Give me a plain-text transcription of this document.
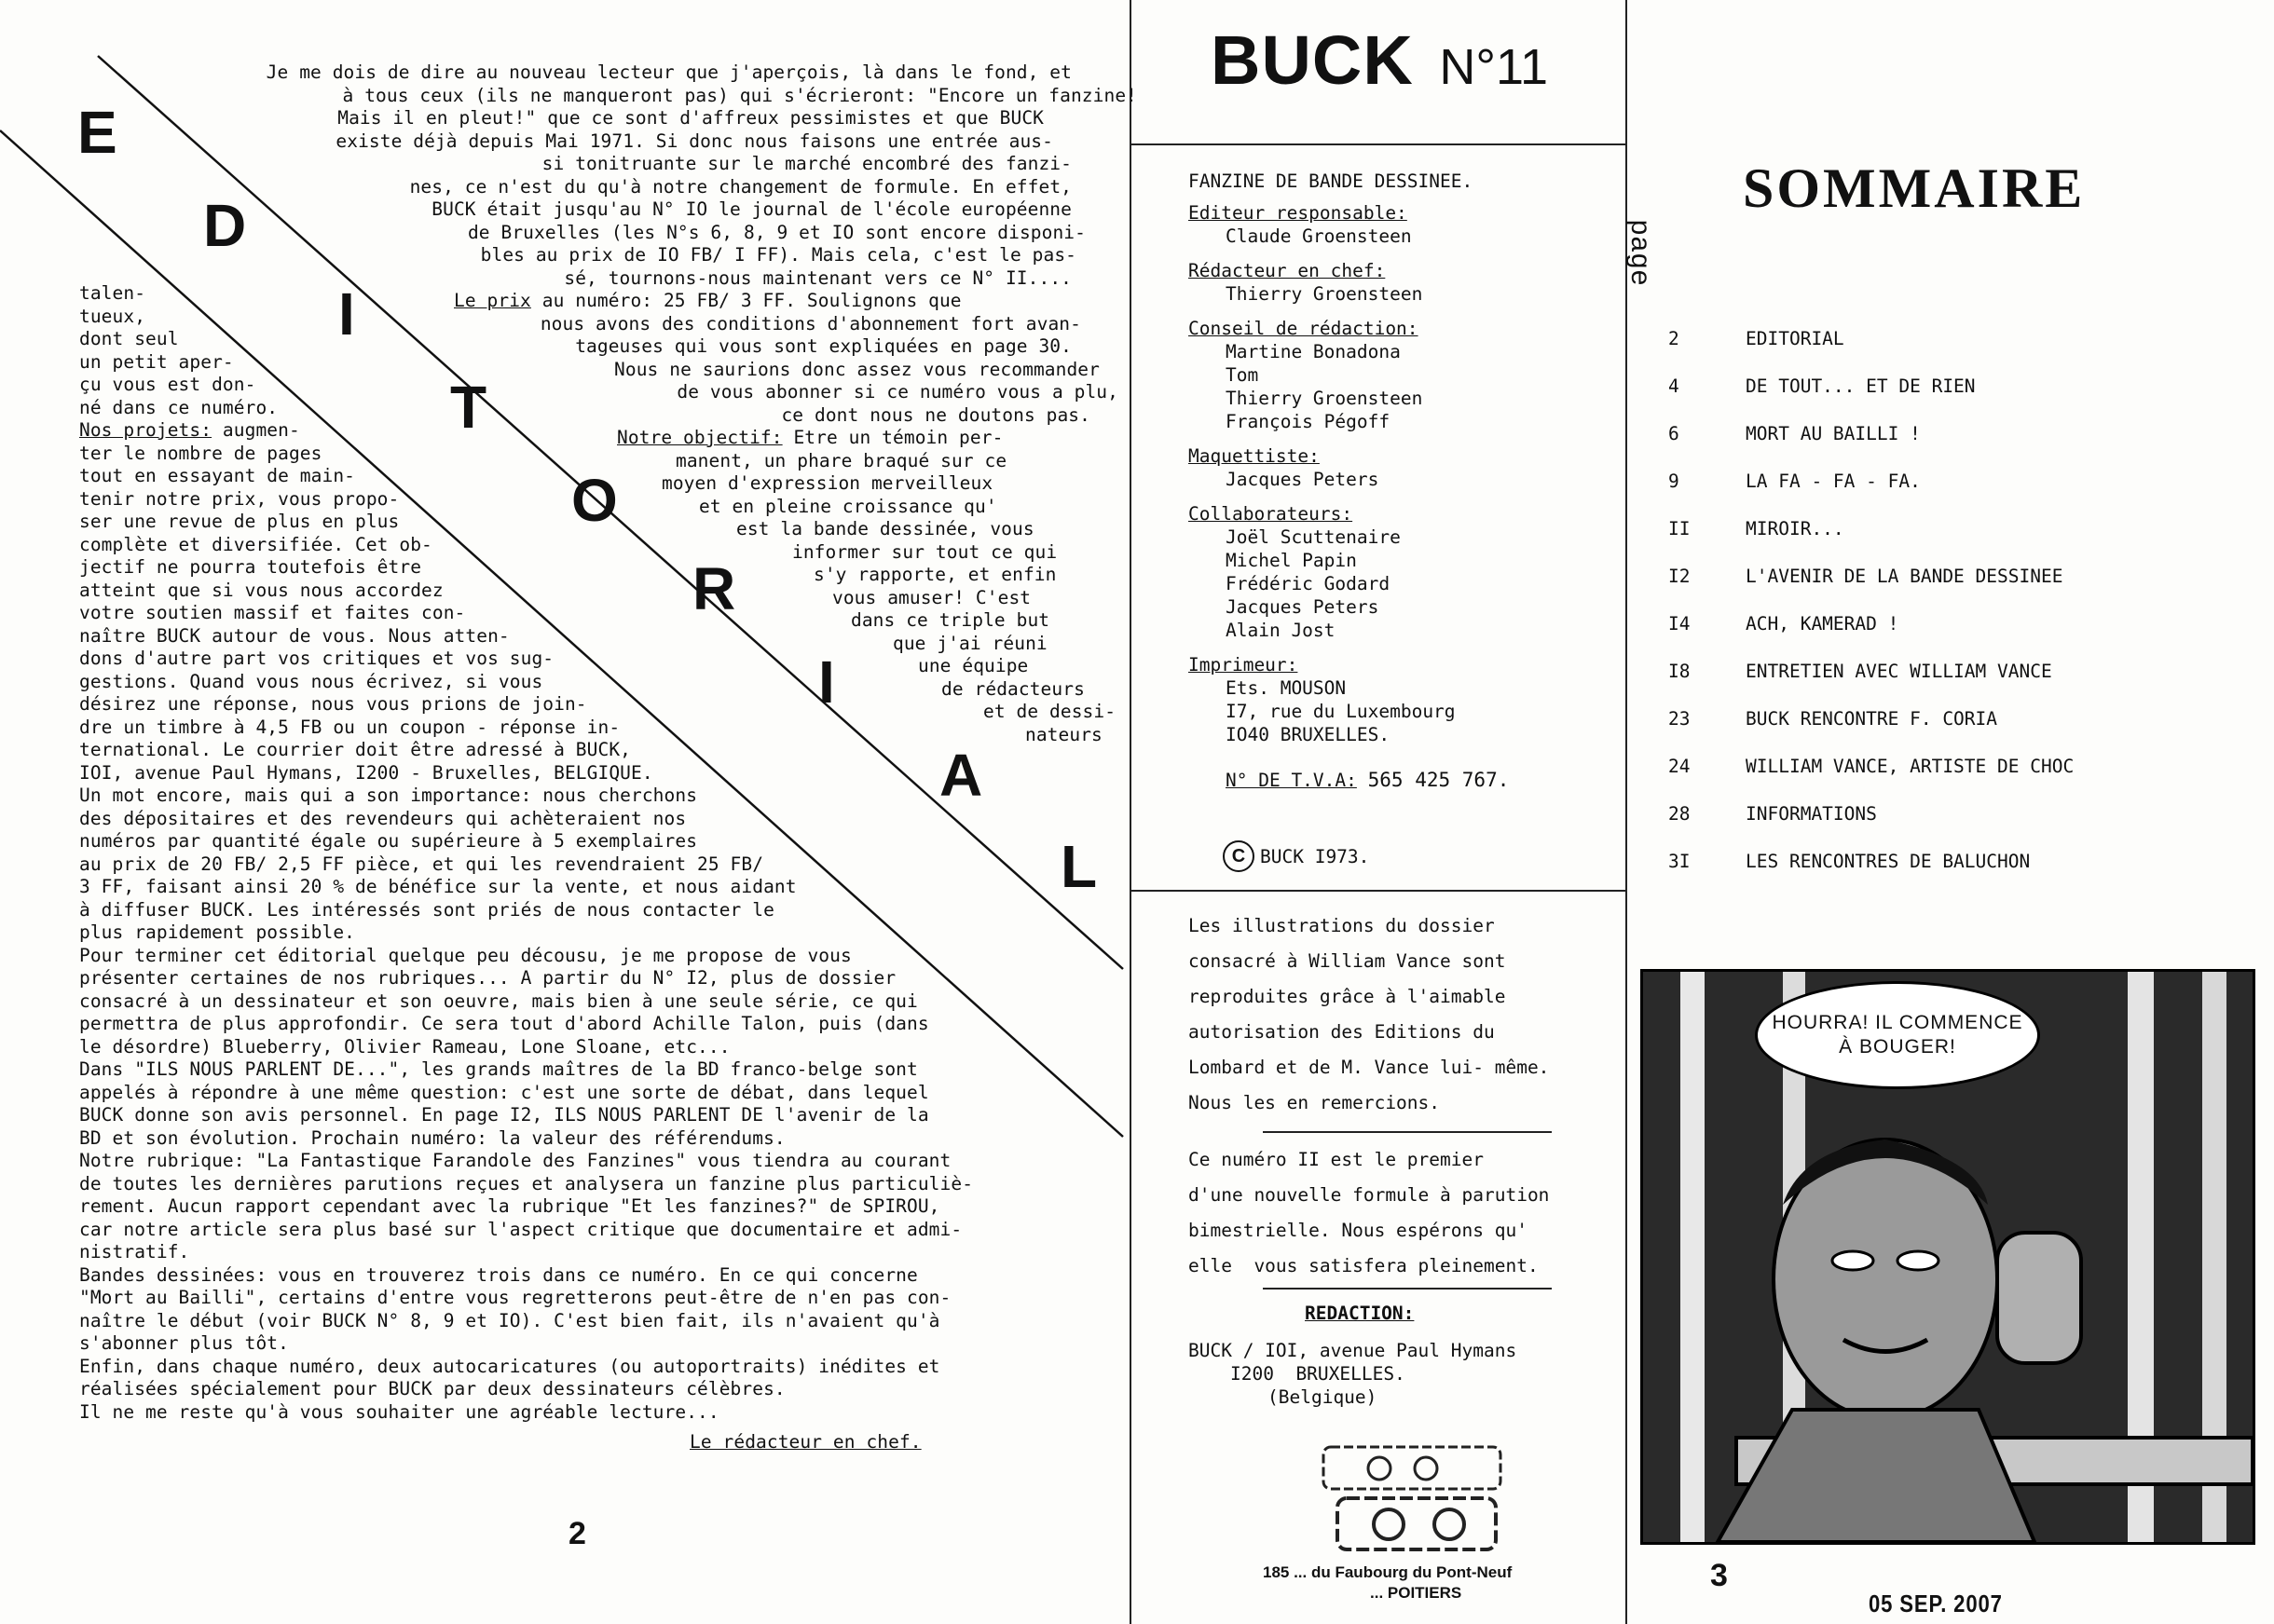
E
D
I
T
O
R
I
A
L
Je me dois de dire au nouveau lecteur que j'aperçois, là dans le fond, et
à tous ceux (ils ne manqueront pas) qui s'écrieront: "Encore un fanzine!
Mais il en pleut!" que ce sont d'affreux pessimistes et que BUCK
existe déjà depuis Mai 1971. Si donc nous faisons une entrée aus-
si tonitruante sur le marché encombré des fanzi-
nes, ce n'est du qu'à notre changement de formule. En effet,
BUCK était jusqu'au N° IO le journal de l'école européenne
de Bruxelles (les N°s 6, 8, 9 et IO sont encore disponi-
bles au prix de IO FB/ I FF). Mais cela, c'est le pas-
sé, tournons-nous maintenant vers ce N° II....
Le prix au numéro: 25 FB/ 3 FF. Soulignons que
nous avons des conditions d'abonnement fort avan-
tageuses qui vous sont expliquées en page 30.
Nous ne saurions donc assez vous recommander
de vous abonner si ce numéro vous a plu,
ce dont nous ne doutons pas.
Notre objectif: Etre un témoin per-
manent, un phare braqué sur ce
moyen d'expression merveilleux
et en pleine croissance qu'
est la bande dessinée, vous
informer sur tout ce qui
s'y rapporte, et enfin
vous amuser! C'est
dans ce triple but
que j'ai réuni
une équipe
de rédacteurs
et de dessi-
nateurs
talen-
tueux,
dont seul
un petit aper-
çu vous est don-
né dans ce numéro.
Nos projets: augmen-
ter le nombre de pages
tout en essayant de main-
tenir notre prix, vous propo-
ser une revue de plus en plus
complète et diversifiée. Cet ob-
jectif ne pourra toutefois être
atteint que si vous nous accordez
votre soutien massif et faites con-
naître BUCK autour de vous. Nous atten-
dons d'autre part vos critiques et vos sug-
gestions. Quand vous nous écrivez, si vous
désirez une réponse, nous vous prions de join-
dre un timbre à 4,5 FB ou un coupon - réponse in-
ternational. Le courrier doit être adressé à BUCK,
IOI, avenue Paul Hymans, I200 - Bruxelles, BELGIQUE.
Un mot encore, mais qui a son importance: nous cherchons
des dépositaires et des revendeurs qui achèteraient nos
numéros par quantité égale ou supérieure à 5 exemplaires
au prix de 20 FB/ 2,5 FF pièce, et qui les revendraient 25 FB/
3 FF, faisant ainsi 20 % de bénéfice sur la vente, et nous aidant
à diffuser BUCK. Les intéressés sont priés de nous contacter le
plus rapidement possible.
Pour terminer cet éditorial quelque peu décousu, je me propose de vous
présenter certaines de nos rubriques... A partir du N° I2, plus de dossier
consacré à un dessinateur et son oeuvre, mais bien à une seule série, ce qui
permettra de plus approfondir. Ce sera tout d'abord Achille Talon, puis (dans
le désordre) Blueberry, Olivier Rameau, Lone Sloane, etc...
Dans "ILS NOUS PARLENT DE...", les grands maîtres de la BD franco-belge sont
appelés à répondre à une même question: c'est une sorte de débat, dans lequel
BUCK donne son avis personnel. En page I2, ILS NOUS PARLENT DE l'avenir de la
BD et son évolution. Prochain numéro: la valeur des référendums.
Notre rubrique: "La Fantastique Farandole des Fanzines" vous tiendra au courant
de toutes les dernières parutions reçues et analysera un fanzine plus particuliè-
rement. Aucun rapport cependant avec la rubrique "Et les fanzines?" de SPIROU,
car notre article sera plus basé sur l'aspect critique que documentaire et admi-
nistratif.
Bandes dessinées: vous en trouverez trois dans ce numéro. En ce qui concerne
"Mort au Bailli", certains d'entre vous regretterons peut-être de n'en pas con-
naître le début (voir BUCK N° 8, 9 et IO). C'est bien fait, ils n'avaient qu'à
s'abonner plus tôt.
Enfin, dans chaque numéro, deux autocaricatures (ou autoportraits) inédites et
réalisées spécialement pour BUCK par deux dessinateurs célèbres.
Il ne me reste qu'à vous souhaiter une agréable lecture...
Le rédacteur en chef.
2
BUCK N°11
FANZINE DE BANDE DESSINEE.
Editeur responsable:
Claude Groensteen
Rédacteur en chef:
Thierry Groensteen
Conseil de rédaction:
Martine Bonadona
Tom
Thierry Groensteen
François Pégoff
Maquettiste:
Jacques Peters
Collaborateurs:
Joël Scuttenaire
Michel Papin
Frédéric Godard
Jacques Peters
Alain Jost
Imprimeur:
Ets. MOUSON
I7, rue du Luxembourg
IO40 BRUXELLES.
N° DE T.V.A: 565 425 767.
C BUCK I973.
Les illustrations du dossier
consacré à William Vance sont
reproduites grâce à l'aimable
autorisation des Editions du
Lombard et de M. Vance lui- même.
Nous les en remercions.
Ce numéro II est le premier
d'une nouvelle formule à parution
bimestrielle. Nous espérons qu'
elle  vous satisfera pleinement.
REDACTION:
BUCK / IOI, avenue Paul Hymans
I200  BRUXELLES.
(Belgique)
185 ... du Faubourg du Pont-Neuf
... POITIERS
SOMMAIRE
page
2	EDITORIAL
4	DE TOUT... ET DE RIEN
6	MORT AU BAILLI !
9	LA FA - FA - FA.
II	MIROIR...
I2	L'AVENIR DE LA BANDE DESSINEE
I4	ACH, KAMERAD !
I8	ENTRETIEN AVEC WILLIAM VANCE
23	BUCK RENCONTRE F. CORIA
24	WILLIAM VANCE, ARTISTE DE CHOC
28	INFORMATIONS
3I	LES RENCONTRES DE BALUCHON
HOURRA! IL COMMENCE
À BOUGER!
3
05 SEP. 2007
